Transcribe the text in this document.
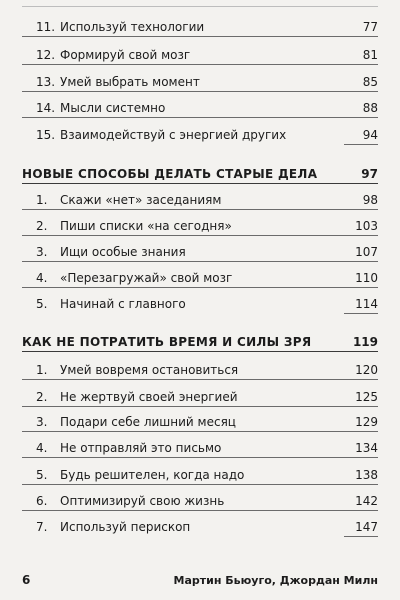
11. Используй технологии	77
12. Формируй свой мозг	81
13. Умей выбрать момент	85
14. Мысли системно	88
15. Взаимодействуй с энергией других	94
НОВЫЕ СПОСОБЫ ДЕЛАТЬ СТАРЫЕ ДЕЛА	97
1. Скажи «нет» заседаниям	98
2. Пиши списки «на сегодня»	103
3. Ищи особые знания	107
4. «Перезагружай» свой мозг	110
5. Начинай с главного	114
КАК НЕ ПОТРАТИТЬ ВРЕМЯ И СИЛЫ ЗРЯ	119
1. Умей вовремя остановиться	120
2. Не жертвуй своей энергией	125
3. Подари себе лишний месяц	129
4. Не отправляй это письмо	134
5. Будь решителен, когда надо	138
6. Оптимизируй свою жизнь	142
7. Используй перископ	147
6	Мартин Бьюуго, Джордан Милн
